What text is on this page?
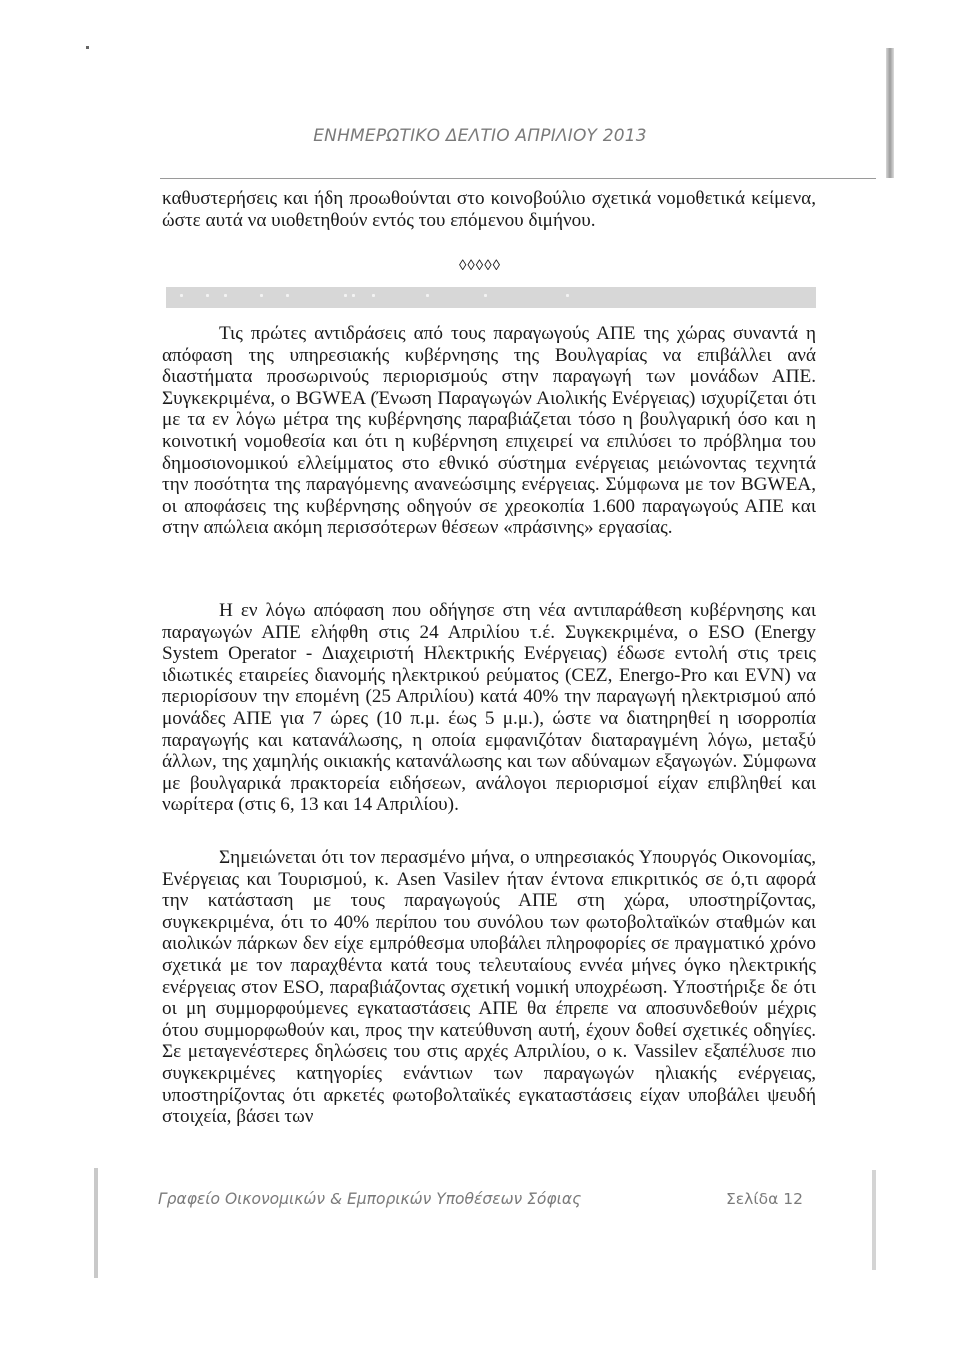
ΕΝΗΜΕΡΩΤΙΚΟ ΔΕΛΤΙΟ ΑΠΡΙΛΙΟΥ 2013
καθυστερήσεις και ήδη προωθούνται στο κοινοβούλιο σχετικά νομοθετικά κείμενα, ώστε αυτά να υιοθετηθούν εντός του επόμενου διμήνου.
◊◊◊◊◊
Τις πρώτες αντιδράσεις από τους παραγωγούς ΑΠΕ της χώρας συναντά η απόφαση της υπηρεσιακής κυβέρνησης της Βουλγαρίας να επιβάλλει ανά διαστήματα προσωρινούς περιορισμούς στην παραγωγή των μονάδων ΑΠΕ. Συγκεκριμένα, ο BGWEA (Ένωση Παραγωγών Αιολικής Ενέργειας) ισχυρίζεται ότι με τα εν λόγω μέτρα της κυβέρνησης παραβιάζεται τόσο η βουλγαρική όσο και η κοινοτική νομοθεσία και ότι η κυβέρνηση επιχειρεί να επιλύσει το πρόβλημα του δημοσιονομικού ελλείμματος στο εθνικό σύστημα ενέργειας μειώνοντας τεχνητά την ποσότητα της παραγόμενης ανανεώσιμης ενέργειας. Σύμφωνα με τον BGWEA, οι αποφάσεις της κυβέρνησης οδηγούν σε χρεοκοπία 1.600 παραγωγούς ΑΠΕ και στην απώλεια ακόμη περισσότερων θέσεων «πράσινης» εργασίας.
Η εν λόγω απόφαση που οδήγησε στη νέα αντιπαράθεση κυβέρνησης και παραγωγών ΑΠΕ ελήφθη στις 24 Απριλίου τ.έ. Συγκεκριμένα, ο ESO (Energy System Operator - Διαχειριστή Ηλεκτρικής Ενέργειας) έδωσε εντολή στις τρεις ιδιωτικές εταιρείες διανομής ηλεκτρικού ρεύματος (CEZ, Energo-Pro και EVN) να περιορίσουν την επομένη (25 Απριλίου) κατά 40% την παραγωγή ηλεκτρισμού από μονάδες ΑΠΕ για 7 ώρες (10 π.μ. έως 5 μ.μ.), ώστε να διατηρηθεί η ισορροπία παραγωγής και κατανάλωσης, η οποία εμφανιζόταν διαταραγμένη λόγω, μεταξύ άλλων, της χαμηλής οικιακής κατανάλωσης και των αδύναμων εξαγωγών. Σύμφωνα με βουλγαρικά πρακτορεία ειδήσεων, ανάλογοι περιορισμοί είχαν επιβληθεί και νωρίτερα (στις 6, 13 και 14 Απριλίου).
Σημειώνεται ότι τον περασμένο μήνα, ο υπηρεσιακός Υπουργός Οικονομίας, Ενέργειας και Τουρισμού, κ. Asen Vasilev ήταν έντονα επικριτικός σε ό,τι αφορά την κατάσταση με τους παραγωγούς ΑΠΕ στη χώρα, υποστηρίζοντας, συγκεκριμένα, ότι το 40% περίπου του συνόλου των φωτοβολταϊκών σταθμών και αιολικών πάρκων δεν είχε εμπρόθεσμα υποβάλει πληροφορίες σε πραγματικό χρόνο σχετικά με τον παραχθέντα κατά τους τελευταίους εννέα μήνες όγκο ηλεκτρικής ενέργειας στον ESO, παραβιάζοντας σχετική νομική υποχρέωση. Υποστήριξε δε ότι οι μη συμμορφούμενες εγκαταστάσεις ΑΠΕ θα έπρεπε να αποσυνδεθούν μέχρις ότου συμμορφωθούν και, προς την κατεύθυνση αυτή, έχουν δοθεί σχετικές οδηγίες. Σε μεταγενέστερες δηλώσεις του στις αρχές Απριλίου, ο κ. Vassilev εξαπέλυσε πιο συγκεκριμένες κατηγορίες ενάντιων των παραγωγών ηλιακής ενέργειας, υποστηρίζοντας ότι αρκετές φωτοβολταϊκές εγκαταστάσεις είχαν υποβάλει ψευδή στοιχεία, βάσει των
Γραφείο Οικονομικών & Εμπορικών Υποθέσεων Σόφιας	Σελίδα 12
